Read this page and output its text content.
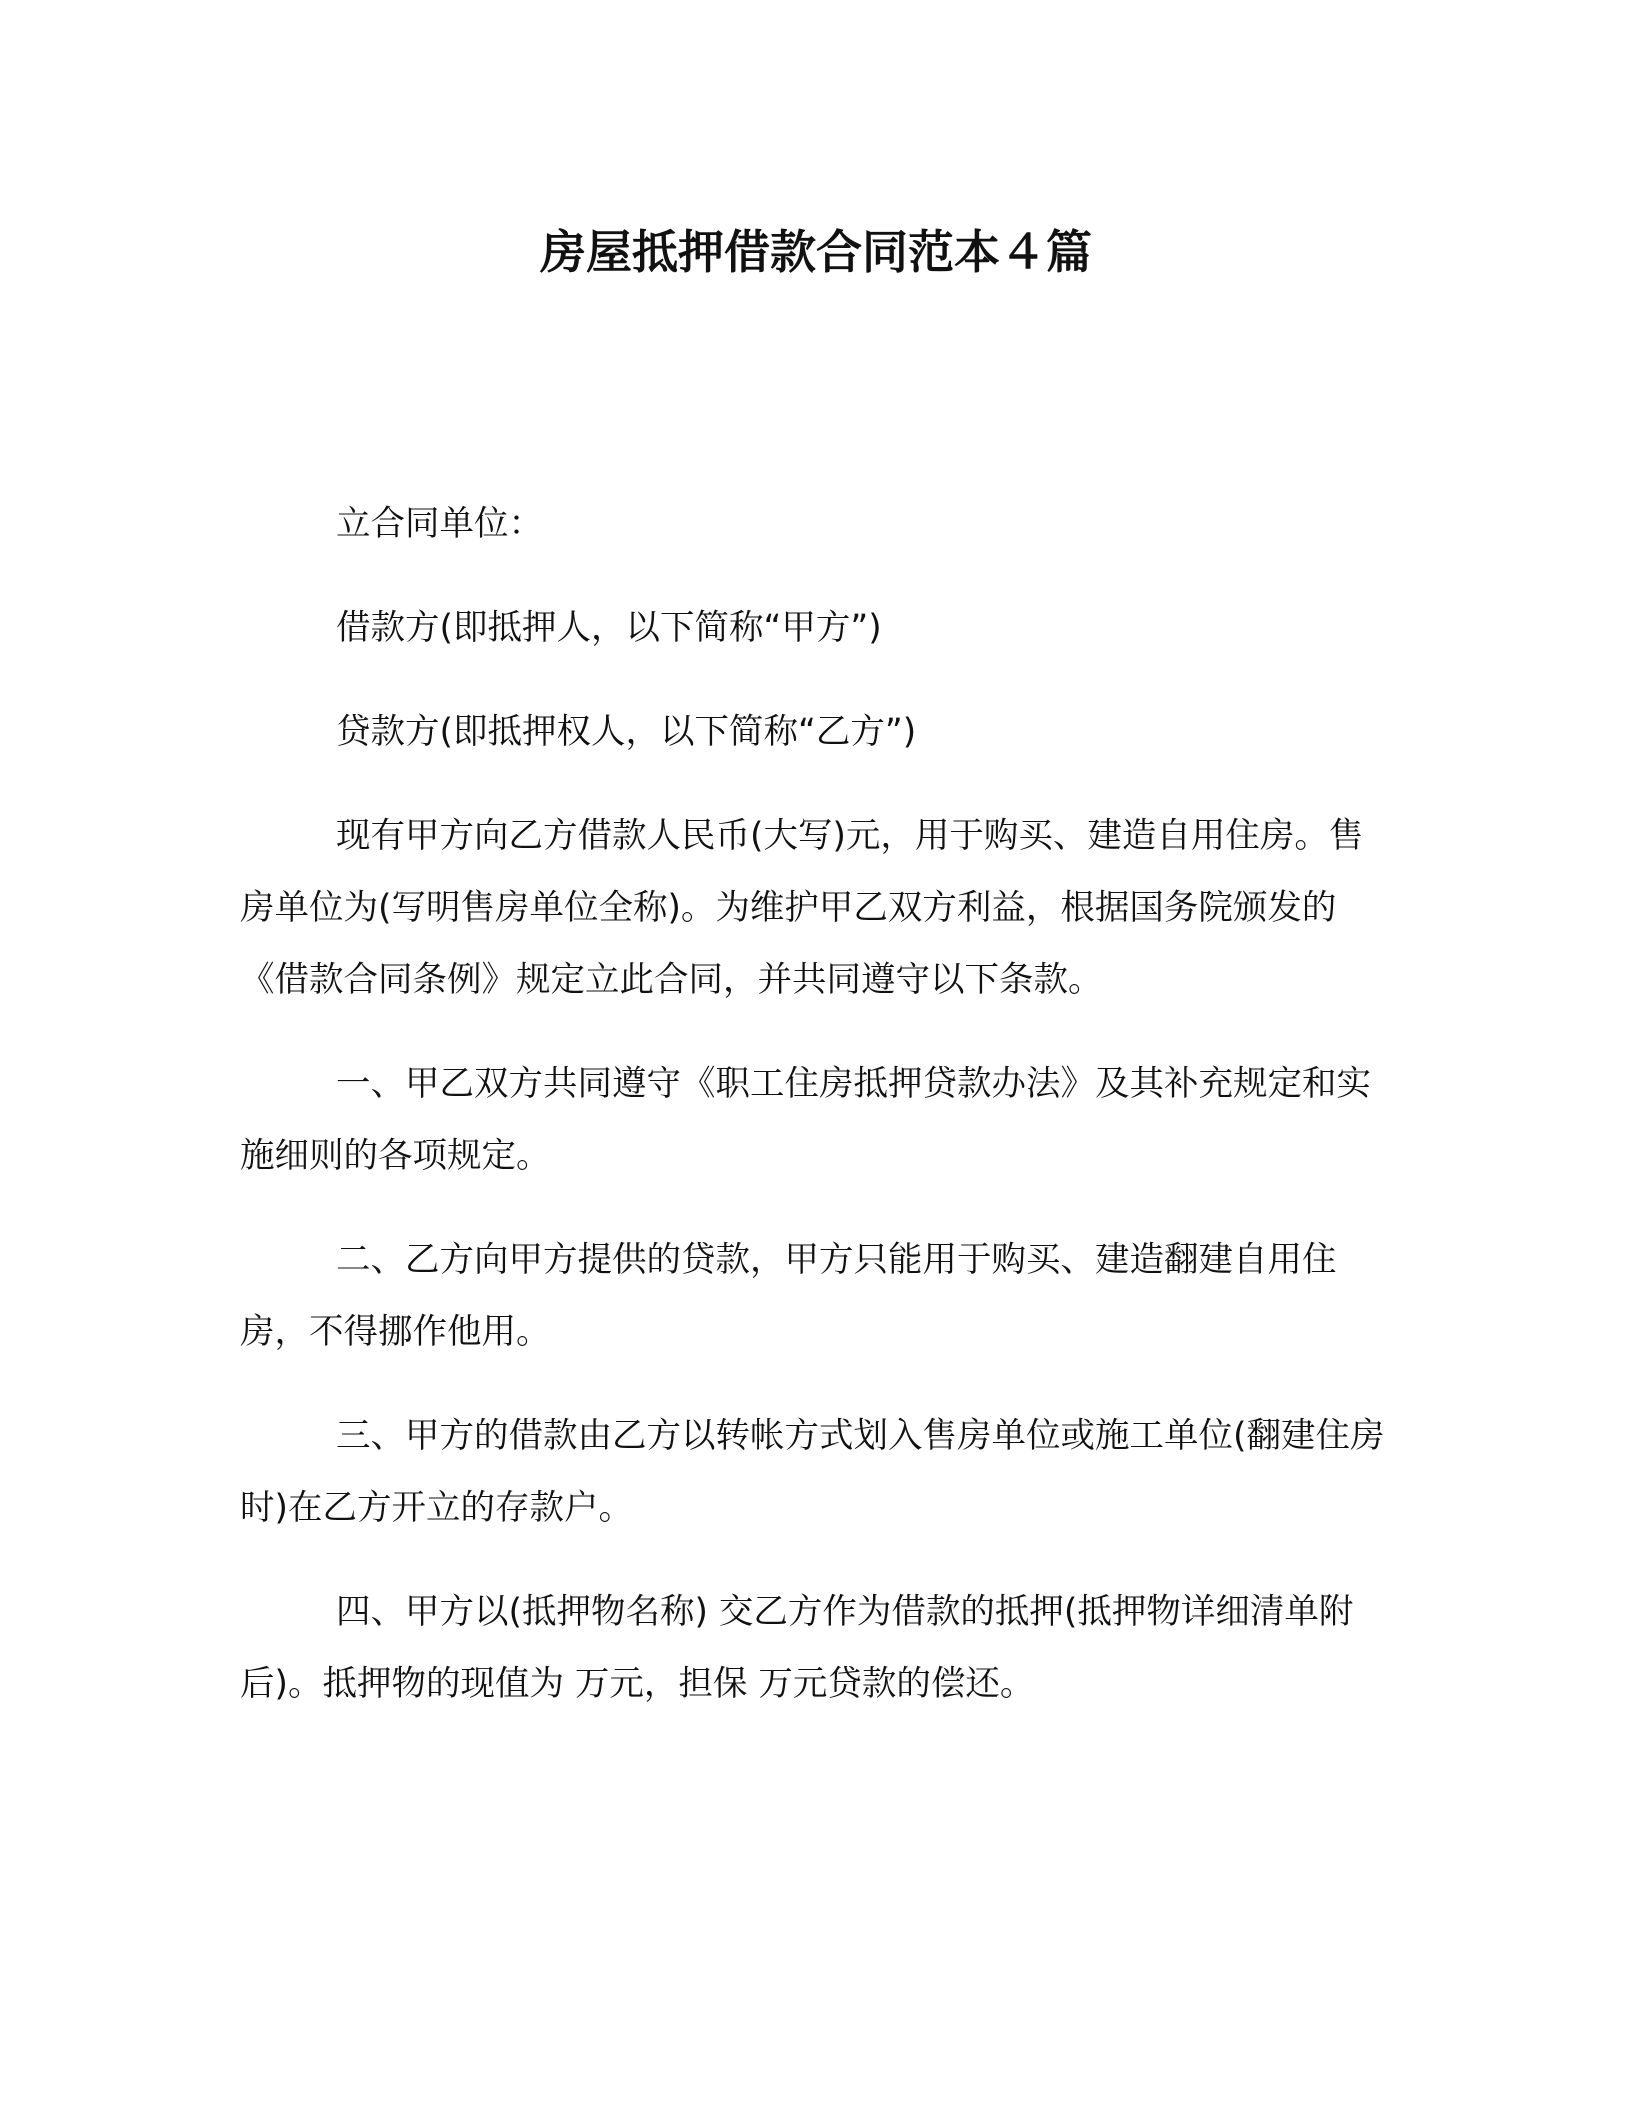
房屋抵押借款合同范本４篇

立合同单位：

借款方(即抵押人，以下简称“甲方”)

贷款方(即抵押权人，以下简称“乙方”)

现有甲方向乙方借款人民币(大写)元，用于购买、建造自用住房。售房单位为(写明售房单位全称)。为维护甲乙双方利益，根据国务院颁发的《借款合同条例》规定立此合同，并共同遵守以下条款。

一、甲乙双方共同遵守《职工住房抵押贷款办法》及其补充规定和实施细则的各项规定。

二、乙方向甲方提供的贷款，甲方只能用于购买、建造翻建自用住房，不得挪作他用。

三、甲方的借款由乙方以转帐方式划入售房单位或施工单位(翻建住房时)在乙方开立的存款户。

四、甲方以(抵押物名称) 交乙方作为借款的抵押(抵押物详细清单附后)。抵押物的现值为 万元，担保 万元贷款的偿还。
